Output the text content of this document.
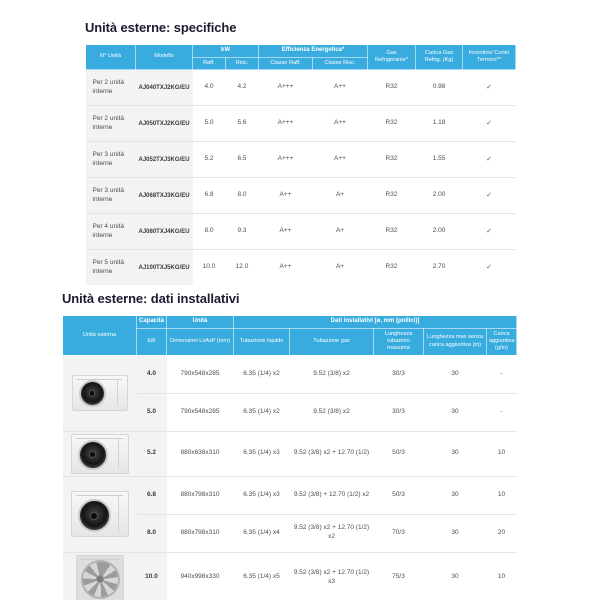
Unità esterne: specifiche
N° Unità	Modello	kW		Efficienza Energetica*		Gas Refrigerante*	Carica Gas Refrig. (Kg)	Incentivo/ Conto Termico**
		Raff.	Risc.	Classe Raff.	Classe Risc.			
Per 2 unità interne	AJ040TXJ2KG/EU	4.0	4.2	A+++	A++	R32	0.98	✓
Per 2 unità interne	AJ050TXJ2KG/EU	5.0	5.6	A+++	A++	R32	1.18	✓
Per 3 unità interne	AJ052TXJ3KG/EU	5.2	6.5	A+++	A++	R32	1.55	✓
Per 3 unità interne	AJ068TXJ3KG/EU	6.8	8.0	A++	A+	R32	2.00	✓
Per 4 unità interne	AJ080TXJ4KG/EU	8.0	9.3	A++	A+	R32	2.00	✓
Per 5 unità interne	AJ100TXJ5KG/EU	10.0	12.0	A++	A+	R32	2.70	✓
Unità esterne: dati installativi
Unità esterna	Capacità	Unità	Dati installativi [ø, mm (pollici)]				
	kW	Dimensioni LxAxP (mm)	Tubazione liquido	Tubazione gas	Lunghezza tubazioni massima	Lunghezza max senza carica aggiuntiva (m)	Carica aggiuntiva (g/m)

	4.0	790x548x285	6.35 (1/4) x2	9.52 (3/8) x2	30/3	30	-
	5.0	790x548x285	6.35 (1/4) x2	9.52 (3/8) x2	30/3	30	-

	5.2	880x638x310	6.35 (1/4) x3	9.52 (3/8) x2 + 12.70 (1/2)	50/3	30	10

	6.8	880x798x310	6.35 (1/4) x3	9.52 (3/8) + 12.70 (1/2) x2	50/3	30	10
	8.0	880x798x310	6.35 (1/4) x4	9.52 (3/8) x2 + 12.70 (1/2) x2	70/3	30	20

	10.0	940x998x330	6.35 (1/4) x5	9.52 (3/8) x2 + 12.70 (1/2) x3	75/3	30	10
